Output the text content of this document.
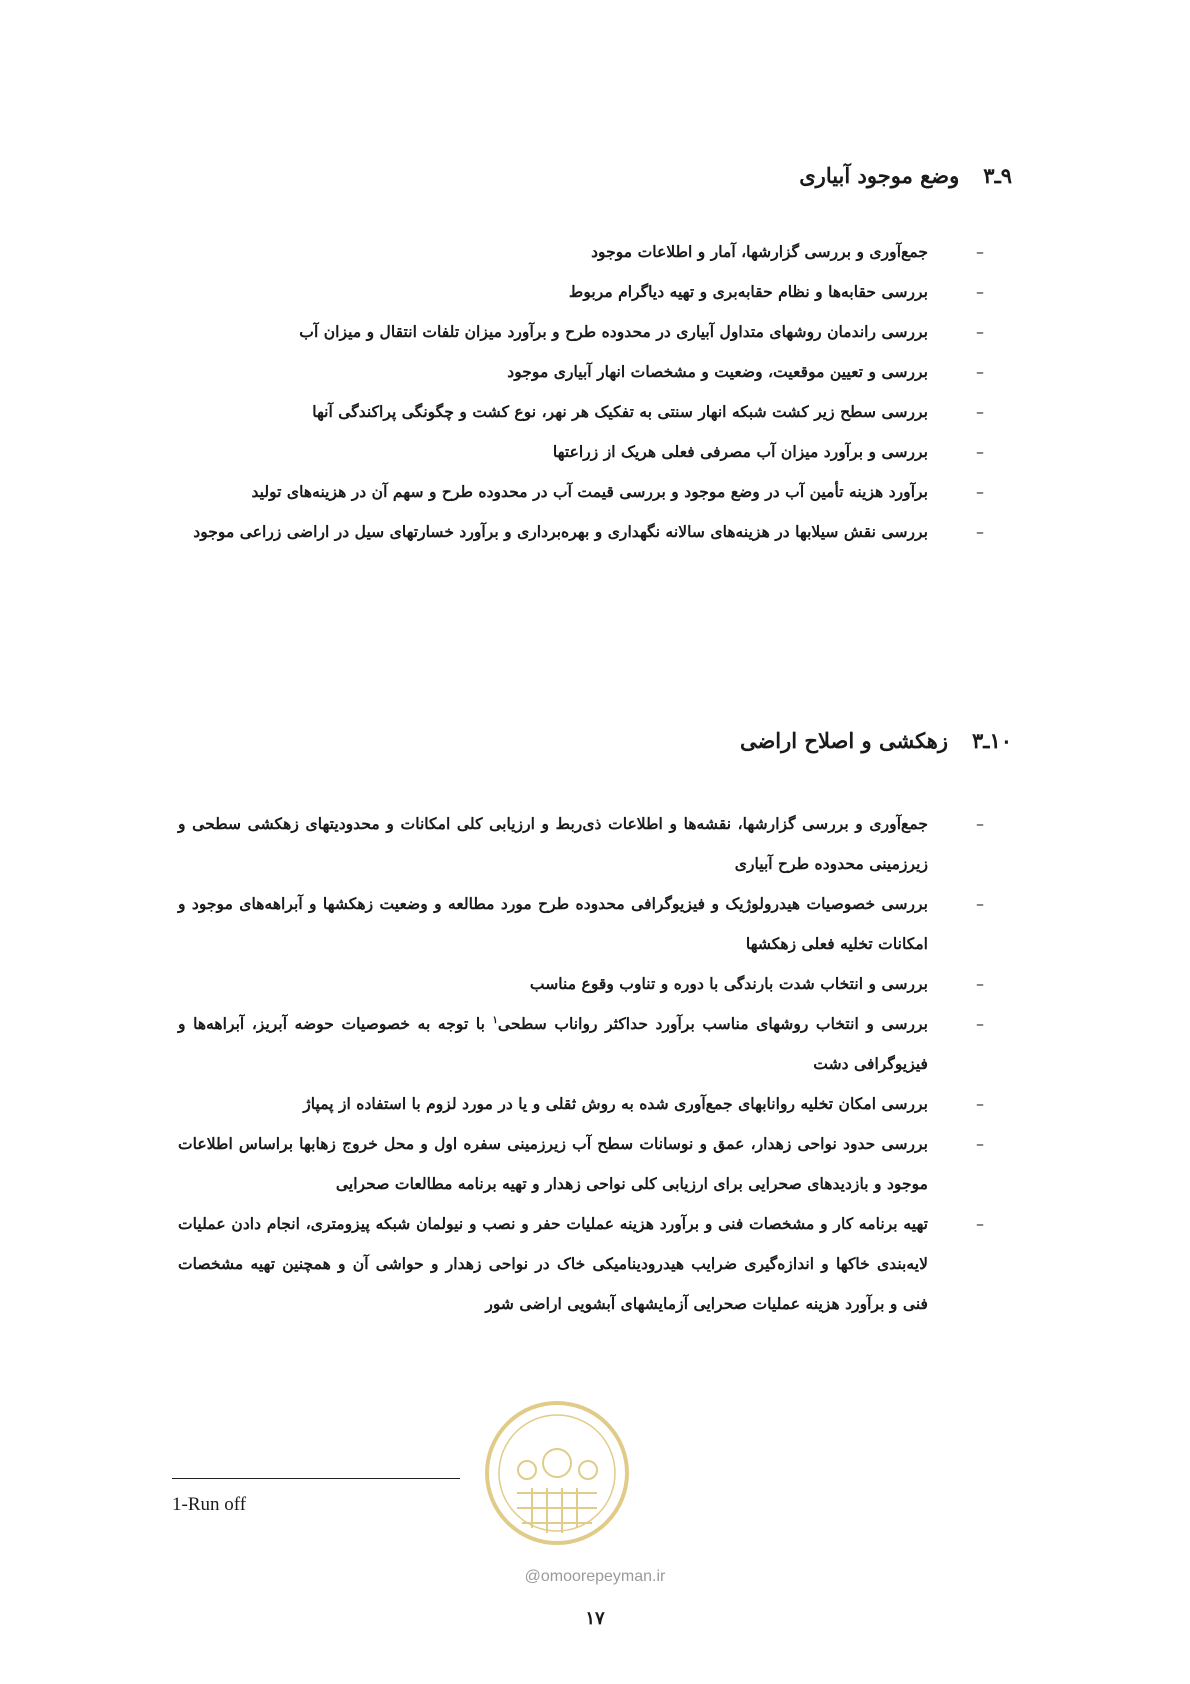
۹ـ۳
وضع موجود آبیاری
–
جمع‌آوری و بررسی گزارشها، آمار و اطلاعات موجود
–
بررسی حقابه‌ها و نظام حقابه‌بری و تهیه دیاگرام مربوط
–
بررسی راندمان روشهای متداول آبیاری در محدوده طرح و برآورد میزان تلفات انتقال و میزان آب
–
بررسی و تعیین موقعیت، وضعیت و مشخصات انهار آبیاری موجود
–
بررسی سطح زیر کشت شبکه انهار سنتی به تفکیک هر نهر، نوع کشت و چگونگی پراکندگی آنها
–
بررسی و برآورد میزان آب مصرفی فعلی هریک از زراعتها
–
برآورد هزینه تأمین آب در وضع موجود و بررسی قیمت آب در محدوده طرح و سهم آن در هزینه‌های تولید
–
بررسی نقش سیلابها در هزینه‌های سالانه نگهداری و بهره‌برداری و برآورد خسارتهای سیل در اراضی زراعی موجود
۱۰ـ۳
زهکشی و اصلاح اراضی
–
جمع‌آوری و بررسی گزارشها، نقشه‌ها و اطلاعات ذی‌ربط و ارزیابی کلی امکانات و محدودیتهای زهکشی سطحی و زیرزمینی محدوده طرح آبیاری
–
بررسی خصوصیات هیدرولوژیک و فیزیوگرافی محدوده طرح مورد مطالعه و وضعیت زهکشها و آبراهه‌های موجود و امکانات تخلیه فعلی زهکشها
–
بررسی و انتخاب شدت بارندگی با دوره و تناوب وقوع مناسب
–
بررسی و انتخاب روشهای مناسب برآورد حداکثر رواناب سطحی$^۱$ با توجه به خصوصیات حوضه آبریز، آبراهه‌ها و فیزیوگرافی دشت
–
بررسی امکان تخلیه روانابهای جمع‌آوری شده به روش ثقلی و یا در مورد لزوم با استفاده از پمپاژ
–
بررسی حدود نواحی زهدار، عمق و نوسانات سطح آب زیرزمینی سفره اول و محل خروج زهابها براساس اطلاعات موجود و بازدیدهای صحرایی برای ارزیابی کلی نواحی زهدار و تهیه برنامه مطالعات صحرایی
–
تهیه برنامه کار و مشخصات فنی و برآورد هزینه عملیات حفر و نصب و نیولمان شبکه پیزومتری، انجام دادن عملیات لایه‌بندی خاکها و اندازه‌گیری ضرایب هیدرودینامیکی خاک در نواحی زهدار و حواشی آن و همچنین تهیه مشخصات فنی و برآورد هزینه عملیات صحرایی آزمایشهای آبشویی اراضی شور
1-Run off
@omoorepeyman.ir
۱۷
